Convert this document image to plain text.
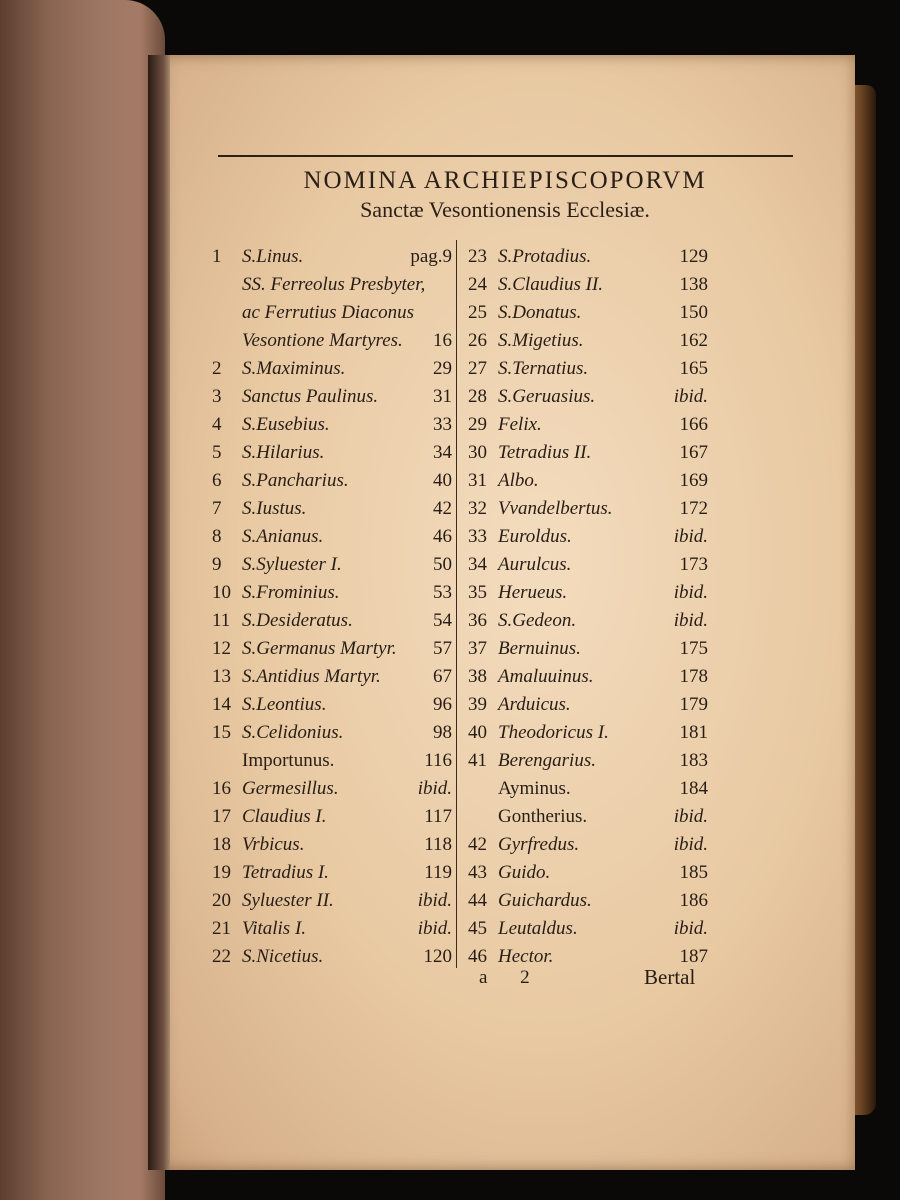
NOMINA ARCHIEPISCOPORVM
Sanctæ Vesontionensis Ecclesiæ.
1	S.Linus.	pag.9
SS. Ferreolus Presbyter,
ac Ferrutius Diaconus
Vesontione Martyres.	16
2	S.Maximinus.	29
3	Sanctus Paulinus.	31
4	S.Eusebius.	33
5	S.Hilarius.	34
6	S.Pancharius.	40
7	S.Iustus.	42
8	S.Anianus.	46
9	S.Syluester I.	50
10 S.Frominius.	53
11 S.Desideratus.	54
12 S.Germanus Martyr.	57
13 S.Antidius Martyr.	67
14 S.Leontius.	96
15 S.Celidonius.	98
Importunus.	116
16 Germesillus.	ibid.
17 Claudius I.	117
18 Vrbicus.	118
19 Tetradius I.	119
20 Syluester II.	ibid.
21 Vitalis I.	ibid.
22 S.Nicetius.	120
23 S.Protadius.	129
24 S.Claudius II.	138
25 S.Donatus.	150
26 S.Migetius.	162
27 S.Ternatius.	165
28 S.Geruasius.	ibid.
29 Felix.	166
30 Tetradius II.	167
31 Albo.	169
32 Vvandelbertus.	172
33 Euroldus.	ibid.
34 Aurulcus.	173
35 Herueus.	ibid.
36 S.Gedeon.	ibid.
37 Bernuinus.	175
38 Amaluuinus.	178
39 Arduicus.	179
40 Theodoricus I.	181
41 Berengarius.	183
Ayminus.	184
Gontherius.	ibid.
42 Gyrfredus.	ibid.
43 Guido.	185
44 Guichardus.	186
45 Leutaldus.	ibid.
46 Hector.	187
a 2	Bertal
